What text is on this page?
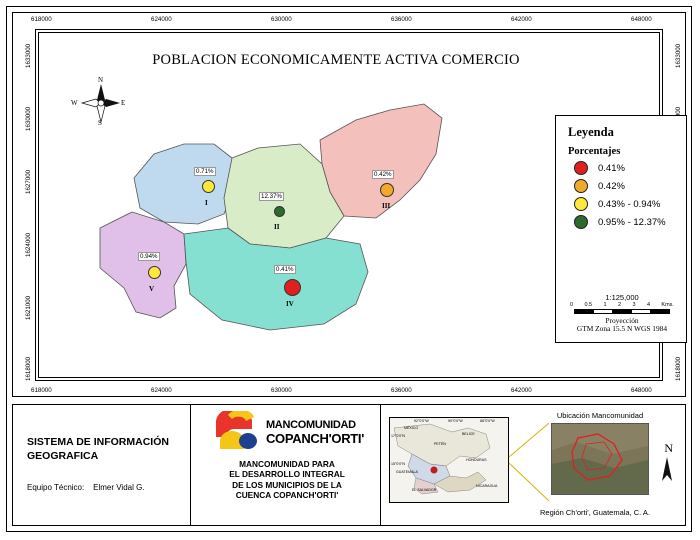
618000	624000	630000	636000	642000	648000
618000	624000	630000	636000	642000	648000
1633000
1630000
1627000
1624000
1621000
1618000
1633000
1618000
POBLACION ECONOMICAMENTE ACTIVA COMERCIO
N
S
W	E
0.71%
I
12.37%
II
0.42%
III
0.41%
IV
0.94%
V
Leyenda
Porcentajes
0.41%
0.42%
0.43% - 0.94%
0.95% - 12.37%
1:125,000
0 0.5 1 2 3 4 Kms.
Proyección
GTM Zona 15.5 N WGS 1984
SISTEMA DE INFORMACIÓN
GEOGRAFICA
Equipo Técnico: Elmer Vidal G.
MANCOMUNIDAD
COPANCH'ORTI'
MANCOMUNIDAD PARA
EL DESARROLLO INTEGRAL
DE LOS MUNICIPIOS DE LA
CUENCA COPANCH'ORTI'
Ubicación Mancomunidad
MÉXICO
BELICE
PETÉN
HONDURAS
GUATEMALA
EL SALVADOR
NICARAGUA
92°0'0"W	90°0'0"W	88°0'0"W
15°0'0"N
17°0'0"N
N
Región Ch'orti', Guatemala, C. A.
